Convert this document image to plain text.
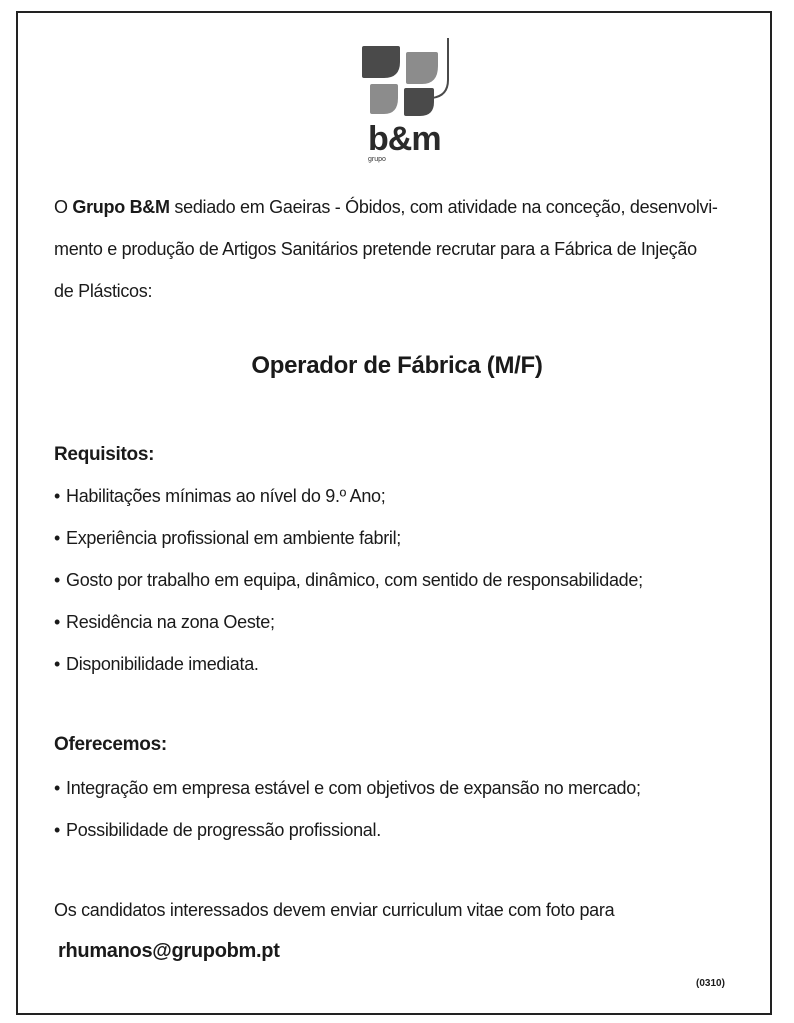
b&m
grupo

O Grupo B&M sediado em Gaeiras - Óbidos, com atividade na conceção, desenvolvi-
mento e produção de Artigos Sanitários pretende recrutar para a Fábrica de Injeção
de Plásticos:

Operador de Fábrica (M/F)
Requisitos:
• Habilitações mínimas ao nível do 9.º Ano;
• Experiência profissional em ambiente fabril;
• Gosto por trabalho em equipa, dinâmico, com sentido de responsabilidade;
• Residência na zona Oeste;
• Disponibilidade imediata.
Oferecemos:
• Integração em empresa estável e com objetivos de expansão no mercado;
• Possibilidade de progressão profissional.

Os candidatos interessados devem enviar curriculum vitae com foto para

rhumanos@grupobm.pt

(0310)
